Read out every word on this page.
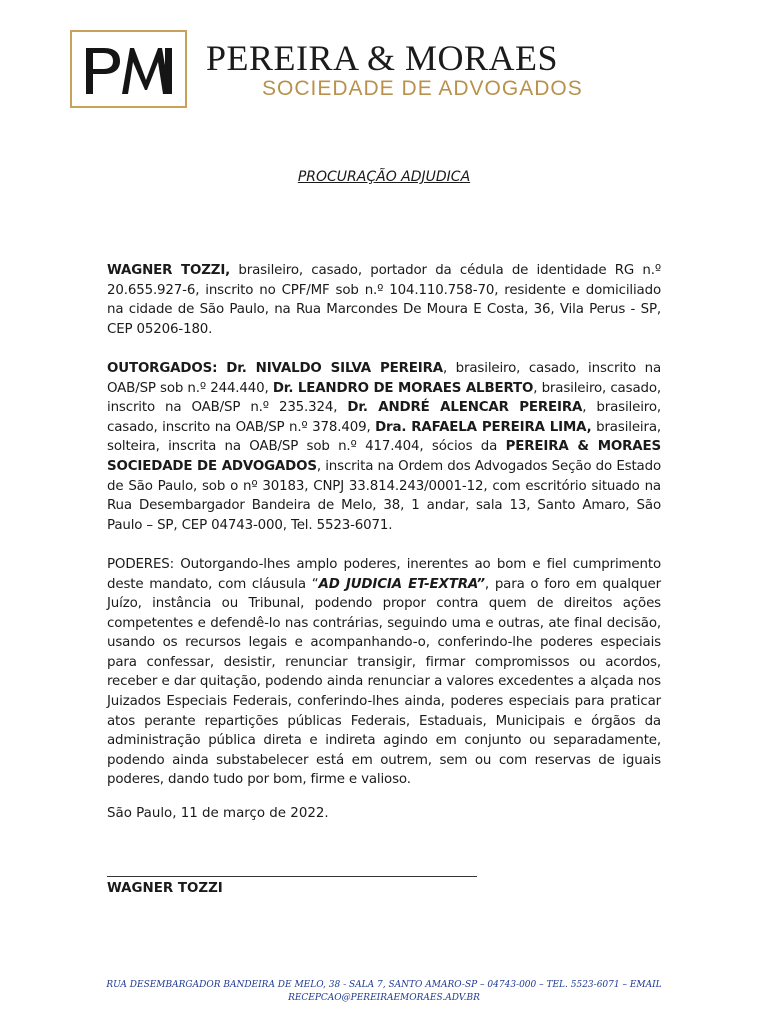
PEREIRA & MORAES
SOCIEDADE DE ADVOGADOS
PROCURAÇÃO ADJUDICA

WAGNER TOZZI, brasileiro, casado, portador da cédula de identidade RG n.º 20.655.927-6, inscrito no CPF/MF sob n.º 104.110.758-70, residente e domiciliado na cidade de São Paulo, na Rua Marcondes De Moura E Costa, 36, Vila Perus - SP, CEP 05206-180.

OUTORGADOS: Dr. NIVALDO SILVA PEREIRA, brasileiro, casado, inscrito na OAB/SP sob n.º 244.440, Dr. LEANDRO DE MORAES ALBERTO, brasileiro, casado, inscrito na OAB/SP n.º 235.324, Dr. ANDRÉ ALENCAR PEREIRA, brasileiro, casado, inscrito na OAB/SP n.º 378.409, Dra. RAFAELA PEREIRA LIMA, brasileira, solteira, inscrita na OAB/SP sob n.º 417.404, sócios da PEREIRA & MORAES SOCIEDADE DE ADVOGADOS, inscrita na Ordem dos Advogados Seção do Estado de São Paulo, sob o nº 30183, CNPJ 33.814.243/0001-12, com escritório situado na Rua Desembargador Bandeira de Melo, 38, 1 andar, sala 13, Santo Amaro, São Paulo – SP, CEP 04743-000, Tel. 5523-6071.

PODERES: Outorgando-lhes amplo poderes, inerentes ao bom e fiel cumprimento deste mandato, com cláusula “AD JUDICIA ET-EXTRA”, para o foro em qualquer Juízo, instância ou Tribunal, podendo propor contra quem de direitos ações competentes e defendê-lo nas contrárias, seguindo uma e outras, ate final decisão, usando os recursos legais e acompanhando-o, conferindo-lhe poderes especiais para confessar, desistir, renunciar transigir, firmar compromissos ou acordos, receber e dar quitação, podendo ainda renunciar a valores excedentes a alçada nos Juizados Especiais Federais, conferindo-lhes ainda, poderes especiais para praticar atos perante repartições públicas Federais, Estaduais, Municipais e órgãos da administração pública direta e indireta agindo em conjunto ou separadamente, podendo ainda substabelecer está em outrem, sem ou com reservas de iguais poderes, dando tudo por bom, firme e valioso.

São Paulo, 11 de março de 2022.
WAGNER TOZZI
RUA DESEMBARGADOR BANDEIRA DE MELO, 38 - SALA 7, SANTO AMARO-SP – 04743-000 – TEL. 5523-6071 – EMAIL
RECEPCAO@PEREIRAEMORAES.ADV.BR
